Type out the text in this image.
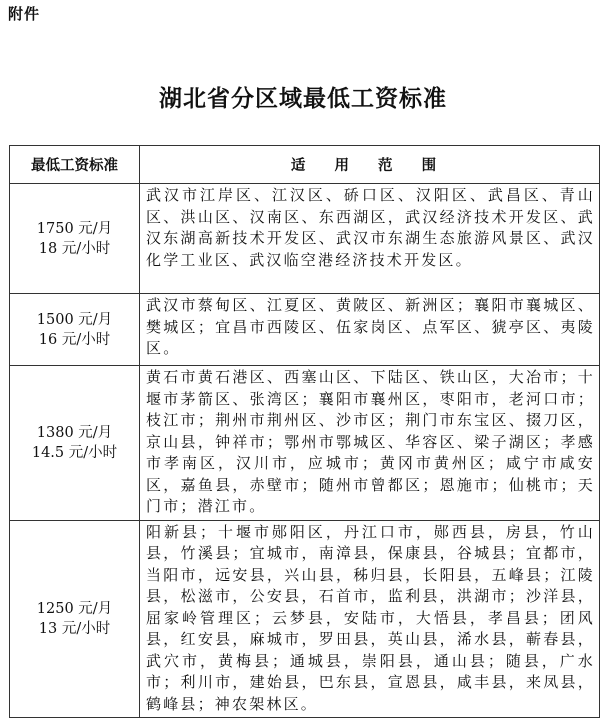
附件
湖北省分区域最低工资标准
最低工资标准	适 用 范 围

1750 元/月
18 元/小时	武汉市江岸区、江汉区、硚口区、汉阳区、武昌区、青山区、洪山区、汉南区、东西湖区，武汉经济技术开发区、武汉东湖高新技术开发区、武汉市东湖生态旅游风景区、武汉化学工业区、武汉临空港经济技术开发区。

1500 元/月
16 元/小时	武汉市蔡甸区、江夏区、黄陂区、新洲区；襄阳市襄城区、樊城区；宜昌市西陵区、伍家岗区、点军区、猇亭区、夷陵区。

1380 元/月
14.5 元/小时	黄石市黄石港区、西塞山区、下陆区、铁山区，大冶市；十堰市茅箭区、张湾区；襄阳市襄州区，枣阳市，老河口市；枝江市；荆州市荆州区、沙市区；荆门市东宝区、掇刀区，京山县，钟祥市；鄂州市鄂城区、华容区、梁子湖区；孝感市孝南区，汉川市，应城市；黄冈市黄州区；咸宁市咸安区，嘉鱼县，赤壁市；随州市曾都区；恩施市；仙桃市；天门市；潜江市。

1250 元/月
13 元/小时	阳新县；十堰市郧阳区，丹江口市，郧西县，房县，竹山县，竹溪县；宜城市，南漳县，保康县，谷城县；宜都市，当阳市，远安县，兴山县，秭归县，长阳县，五峰县；江陵县，松滋市，公安县，石首市，监利县，洪湖市；沙洋县，屈家岭管理区；云梦县，安陆市，大悟县，孝昌县；团风县，红安县，麻城市，罗田县，英山县，浠水县，蕲春县，武穴市，黄梅县；通城县，崇阳县，通山县；随县，广水市；利川市，建始县，巴东县，宣恩县，咸丰县，来凤县，鹤峰县；神农架林区。
